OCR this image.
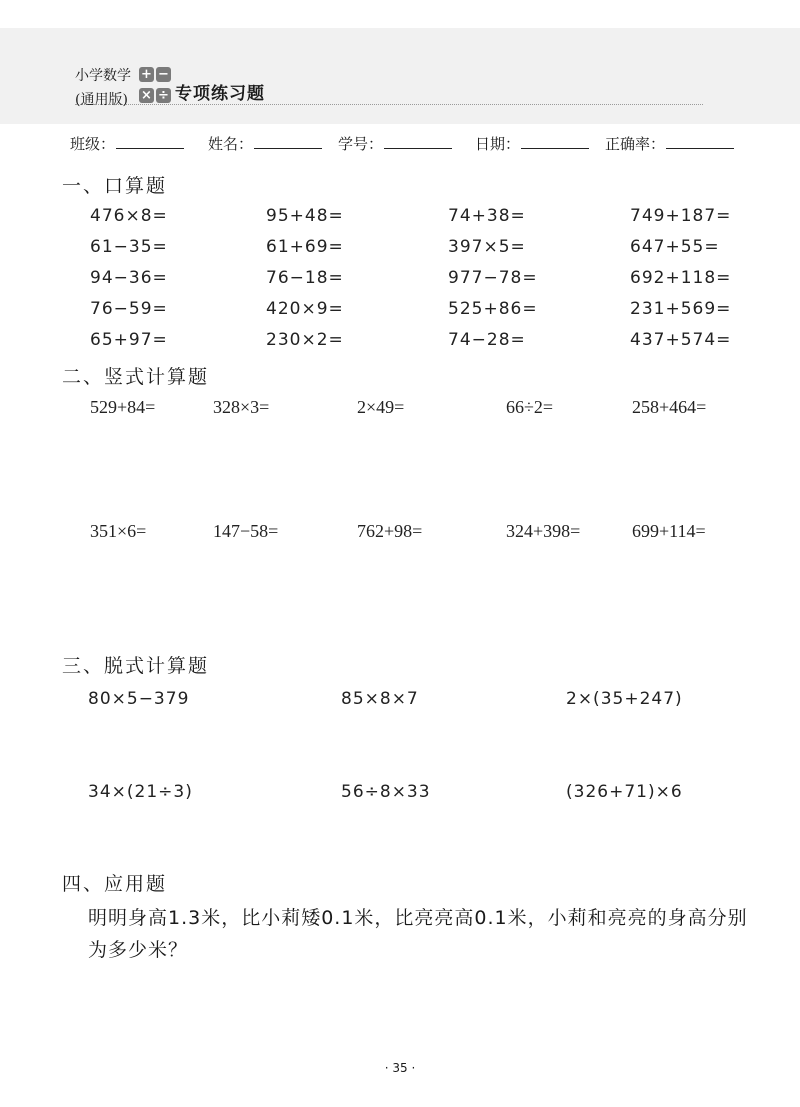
小学数学
(通用版)
+ −
× ÷ 专项练习题
班级：	姓名：	学号：	日期：	正确率：
一、口算题
476×8=	95+48=	74+38=	749+187=
61−35=	61+69=	397×5=	647+55=
94−36=	76−18=	977−78=	692+118=
76−59=	420×9=	525+86=	231+569=
65+97=	230×2=	74−28=	437+574=
二、竖式计算题
529+84=	328×3=	2×49=	66÷2=	258+464=
351×6=	147−58=	762+98=	324+398=	699+114=
三、脱式计算题
80×5−379	85×8×7	2×(35+247)
34×(21÷3)	56÷8×33	(326+71)×6
四、应用题
明明身高1.3米，比小莉矮0.1米，比亮亮高0.1米，小莉和亮亮的身高分别为多少米？
· 35 ·
